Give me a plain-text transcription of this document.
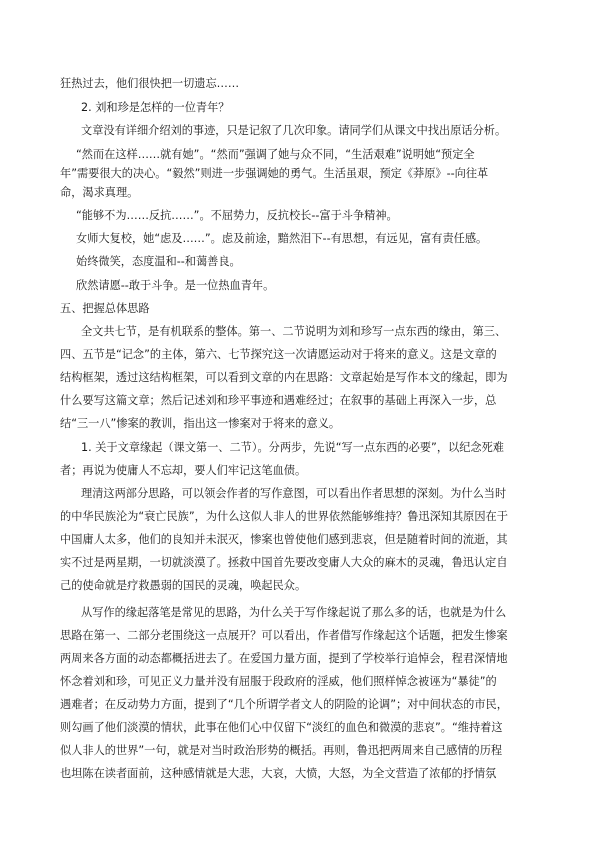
狂热过去，他们很快把一切遗忘……
2. 刘和珍是怎样的一位青年？
文章没有详细介绍刘的事迹，只是记叙了几次印象。请同学们从课文中找出原话分析。
“然而在这样……就有她”。“然而”强调了她与众不同，“生活艰难”说明她“预定全
年”需要很大的决心。“毅然”则进一步强调她的勇气。生活虽艰，预定《莽原》--向往革
命，渴求真理。
“能够不为……反抗……”。不屈势力，反抗校长--富于斗争精神。
女师大复校，她“虑及……”。虑及前途，黯然泪下--有思想，有远见，富有责任感。
始终微笑，态度温和--和蔼善良。
欣然请愿--敢于斗争。是一位热血青年。
五、把握总体思路
全文共七节，是有机联系的整体。第一、二节说明为刘和珍写一点东西的缘由，第三、
四、五节是“记念”的主体，第六、七节探究这一次请愿运动对于将来的意义。这是文章的
结构框架，透过这结构框架，可以看到文章的内在思路：文章起始是写作本文的缘起，即为
什么要写这篇文章；然后记述刘和珍平事迹和遇难经过；在叙事的基础上再深入一步，总
结“三一八”惨案的教训，指出这一惨案对于将来的意义。
1. 关于文章缘起（课文第一、二节）。分两步，先说“写一点东西的必要”，以纪念死难
者；再说为使庸人不忘却，要人们牢记这笔血债。
理清这两部分思路，可以领会作者的写作意图，可以看出作者思想的深刻。为什么当时
的中华民族沦为“衰亡民族”，为什么这似人非人的世界依然能够维持？鲁迅深知其原因在于
中国庸人太多，他们的良知并未泯灭，惨案也曾使他们感到悲哀，但是随着时间的流逝，其
实不过是两星期，一切就淡漠了。拯救中国首先要改变庸人大众的麻木的灵魂，鲁迅认定自
己的使命就是疗救愚弱的国民的灵魂，唤起民众。
从写作的缘起落笔是常见的思路，为什么关于写作缘起说了那么多的话，也就是为什么
思路在第一、二部分老围绕这一点展开？可以看出，作者借写作缘起这个话题，把发生惨案
两周来各方面的动态都概括进去了。在爱国力量方面，提到了学校举行追悼会，程君深情地
怀念着刘和珍，可见正义力量并没有屈服于段政府的淫威，他们照样悼念被诬为“暴徒”的
遇难者；在反动势力方面，提到了“几个所谓学者文人的阴险的论调”；对中间状态的市民，
则勾画了他们淡漠的情状，此事在他们心中仅留下“淡红的血色和微漠的悲哀”。“维持着这
似人非人的世界”一句，就是对当时政治形势的概括。再则，鲁迅把两周来自己感情的历程
也坦陈在读者面前，这种感情就是大悲，大哀，大愤，大怒，为全文营造了浓郁的抒情氛
